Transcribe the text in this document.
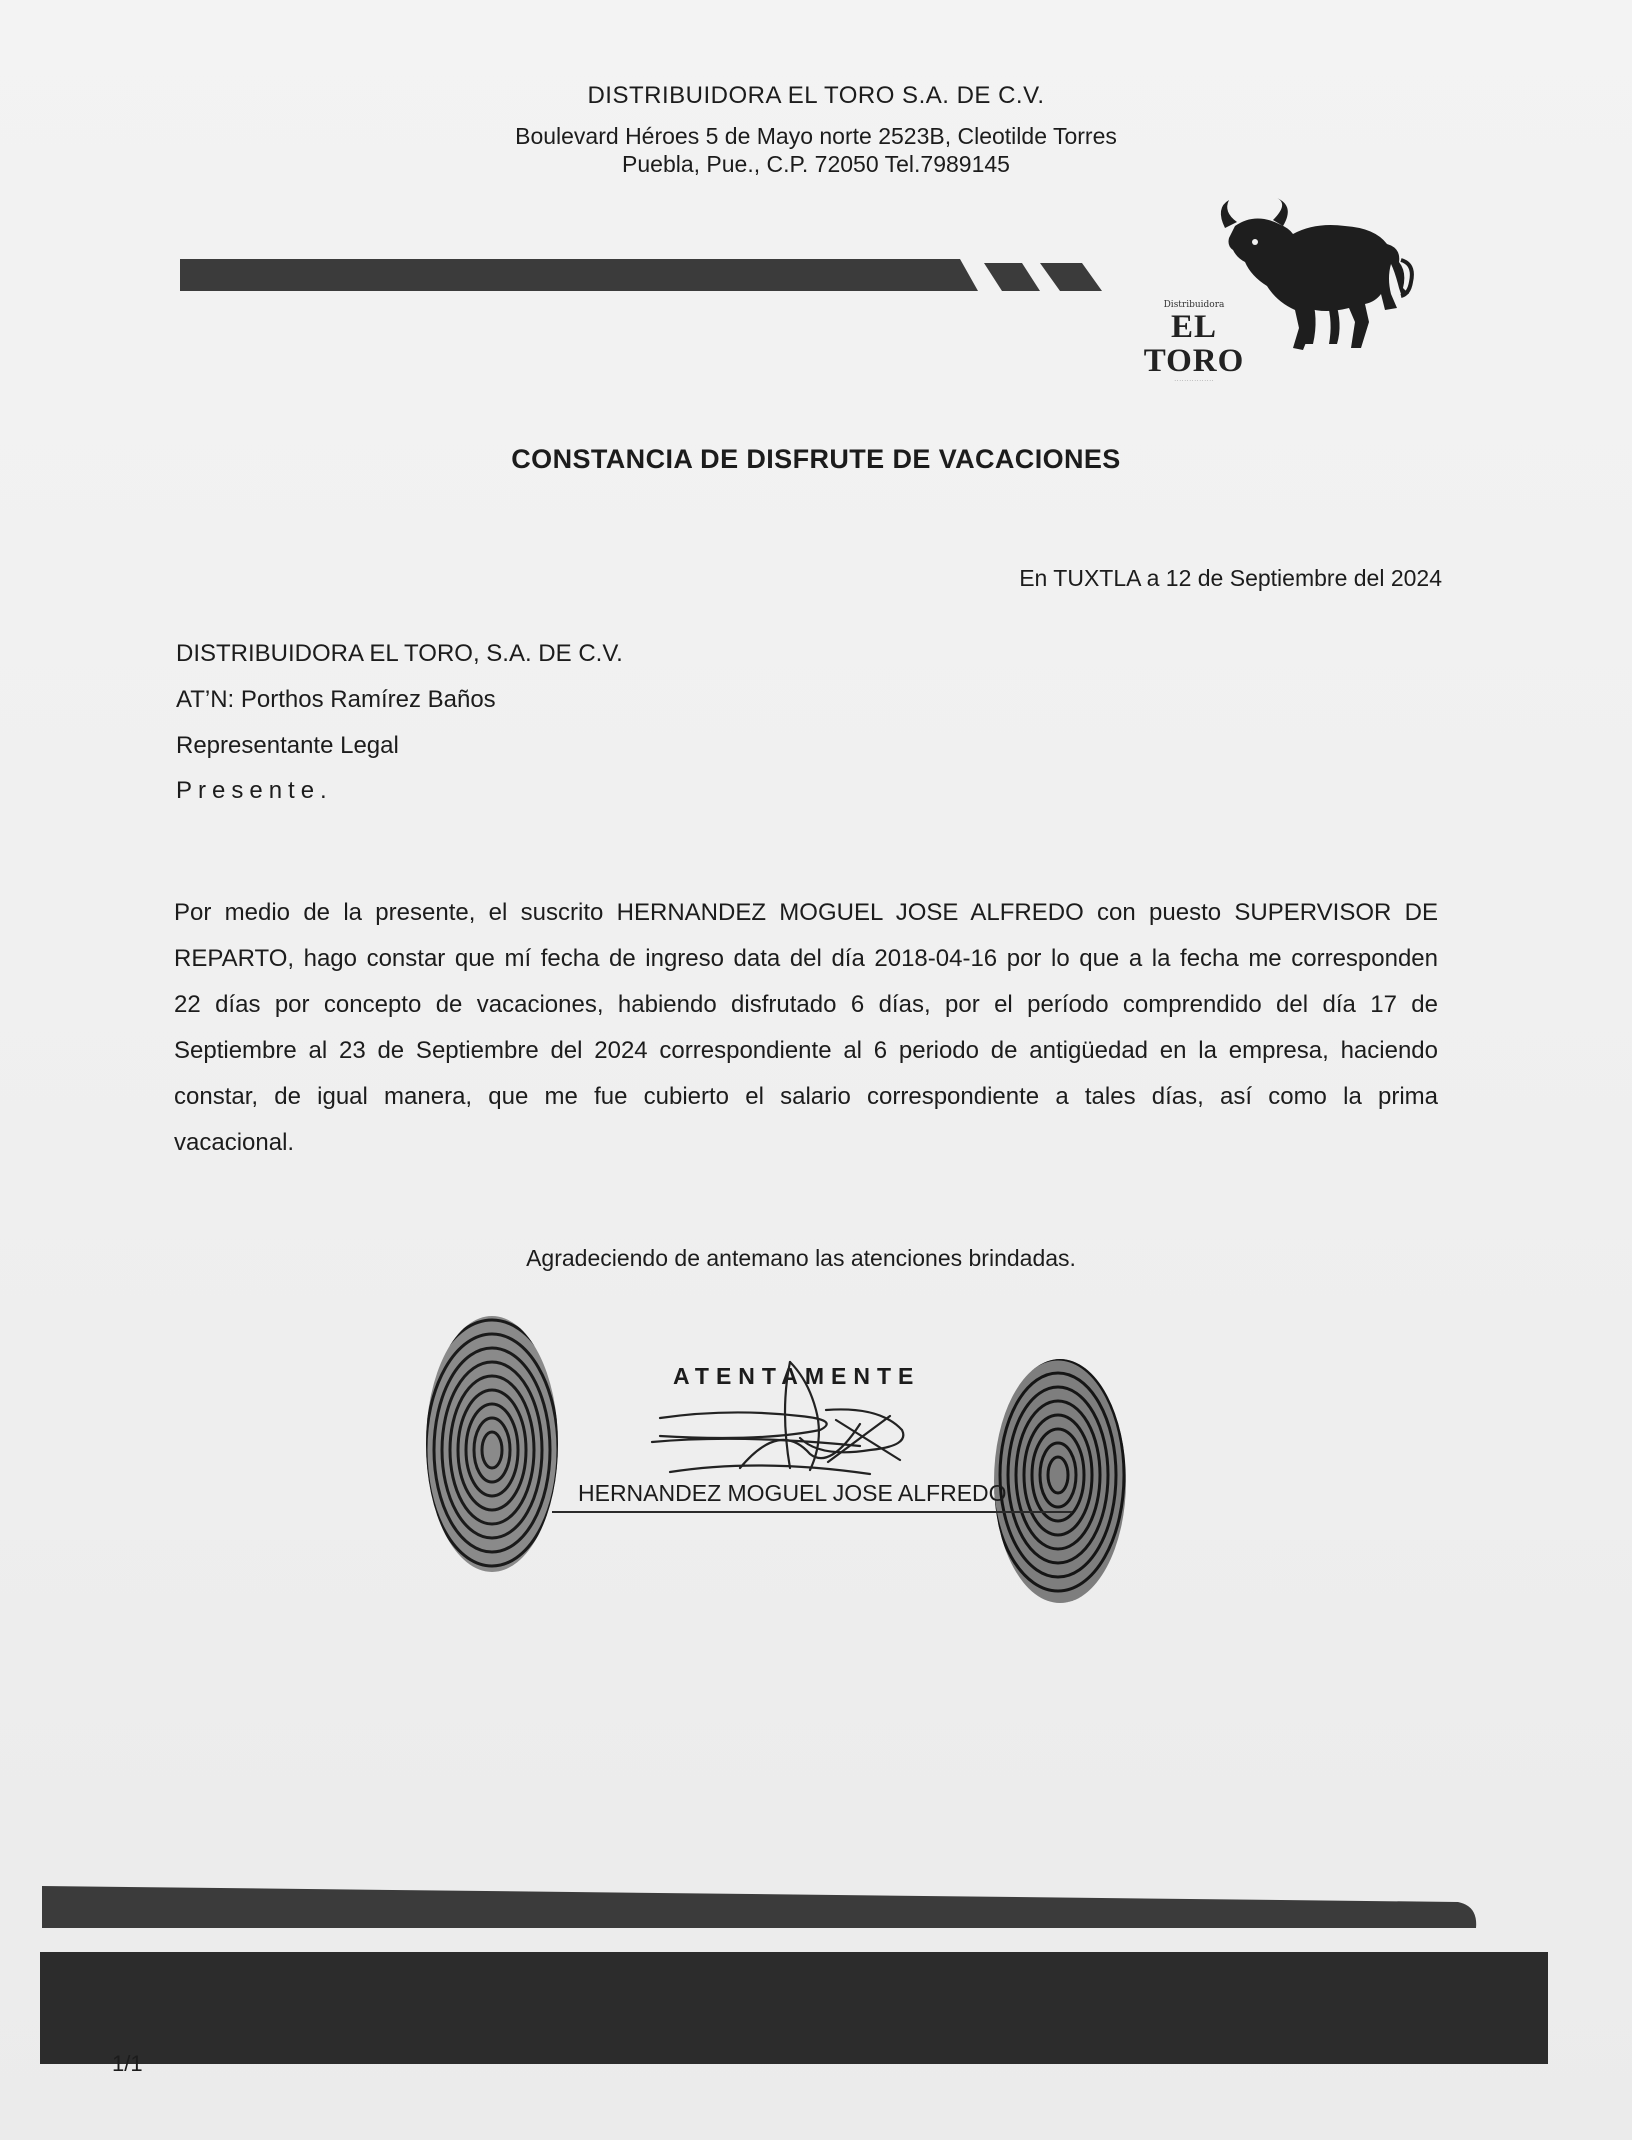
DISTRIBUIDORA EL TORO S.A. DE C.V.
Boulevard Héroes 5 de Mayo norte 2523B, Cleotilde Torres
Puebla, Pue., C.P. 72050 Tel.7989145
Distribuidora
EL TORO
. . . . . . . . . . . . . . . .
CONSTANCIA DE DISFRUTE DE VACACIONES
En TUXTLA a 12 de Septiembre del 2024
DISTRIBUIDORA EL TORO, S.A. DE C.V.
AT’N: Porthos Ramírez Baños
Representante Legal
Presente.
Por medio de la presente, el suscrito HERNANDEZ MOGUEL JOSE ALFREDO con puesto SUPERVISOR DE REPARTO, hago constar que mí fecha de ingreso data del día 2018-04-16 por lo que a la fecha me corresponden 22 días por concepto de vacaciones, habiendo disfrutado 6 días, por el período comprendido del día 17 de Septiembre al 23 de Septiembre del 2024 correspondiente al 6 periodo de antigüedad en la empresa, haciendo constar, de igual manera, que me fue cubierto el salario correspondiente a tales días, así como la prima vacacional.
Agradeciendo de antemano las atenciones brindadas.
ATENTAMENTE
HERNANDEZ MOGUEL JOSE ALFREDO
1/1
